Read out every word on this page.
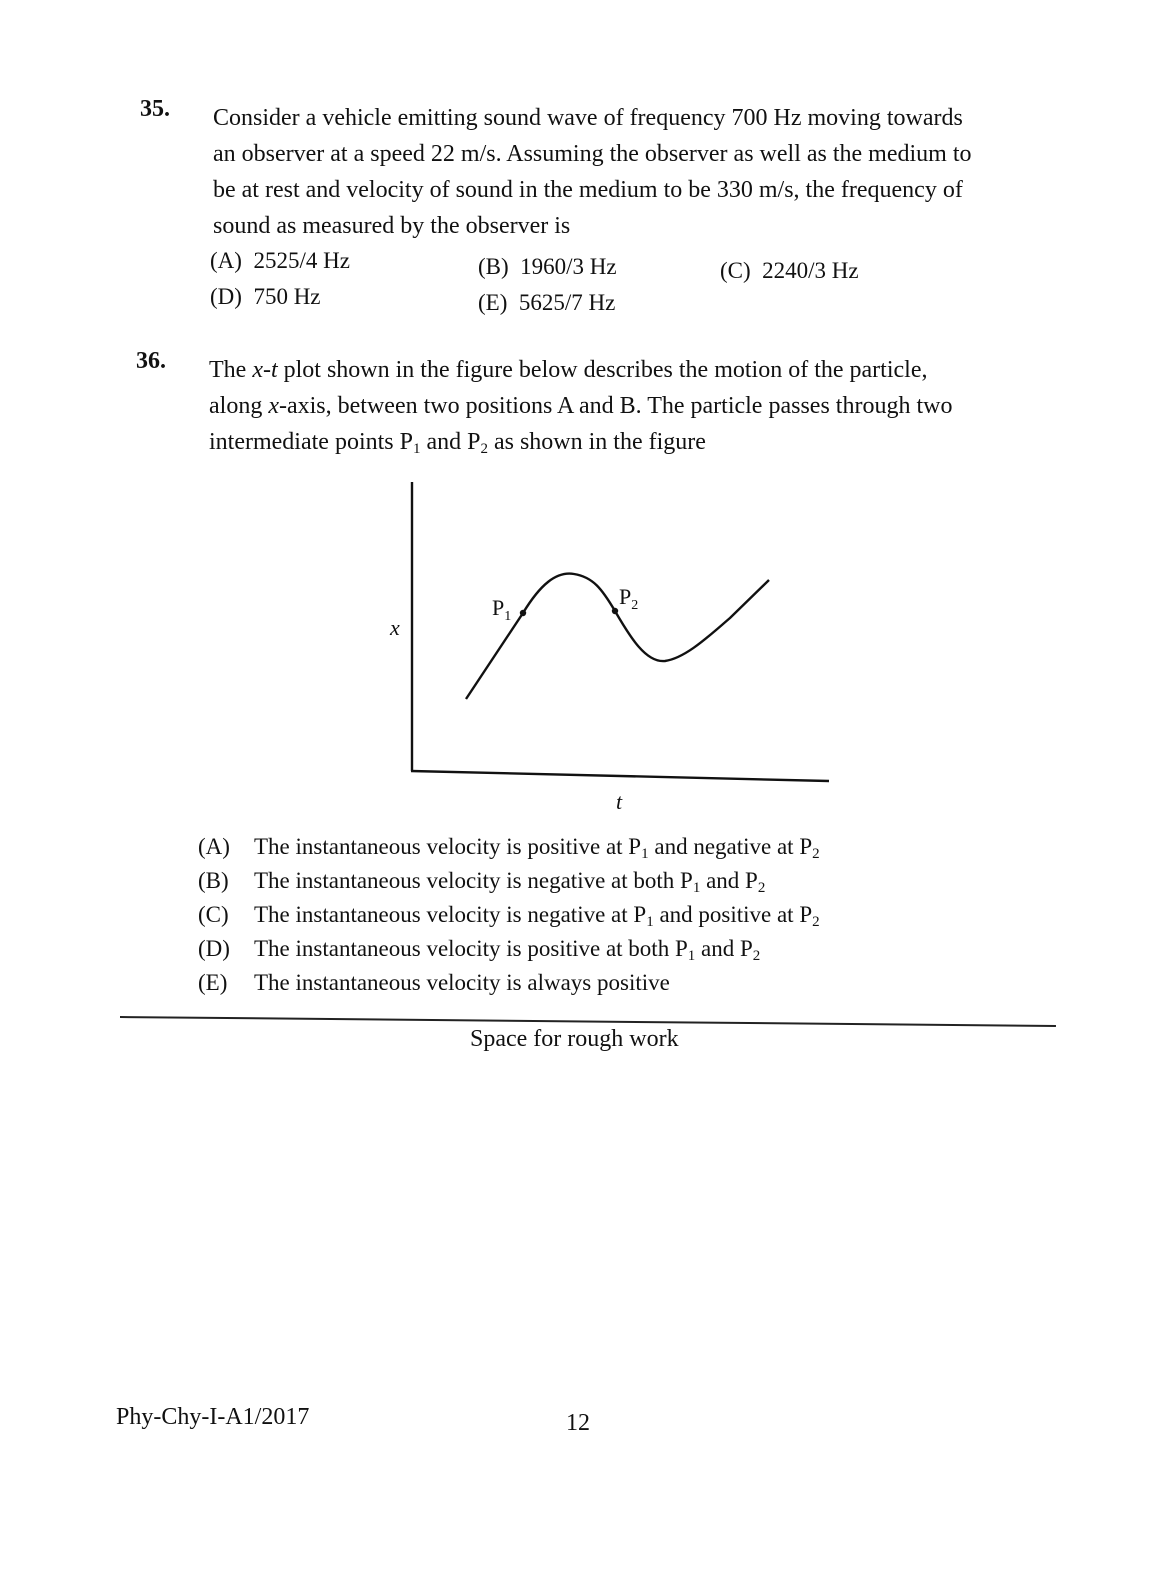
35. Consider a vehicle emitting sound wave of frequency 700 Hz moving towards
an observer at a speed 22 m/s. Assuming the observer as well as the medium to
be at rest and velocity of sound in the medium to be 330 m/s, the frequency of
sound as measured by the observer is
(A) 2525/4 Hz	(B) 1960/3 Hz	(C) 2240/3 Hz
(D) 750 Hz	(E) 5625/7 Hz
36. The x-t plot shown in the figure below describes the motion of the particle,
along x-axis, between two positions A and B. The particle passes through two
intermediate points $P_1$ and $P_2$ as shown in the figure
$P_1$
$P_2$
x
t
(A) The instantaneous velocity is positive at $P_1$ and negative at $P_2$
(B) The instantaneous velocity is negative at both $P_1$ and $P_2$
(C) The instantaneous velocity is negative at $P_1$ and positive at $P_2$
(D) The instantaneous velocity is positive at both $P_1$ and $P_2$
(E) The instantaneous velocity is always positive
Space for rough work
Phy-Chy-I-A1/2017	12
